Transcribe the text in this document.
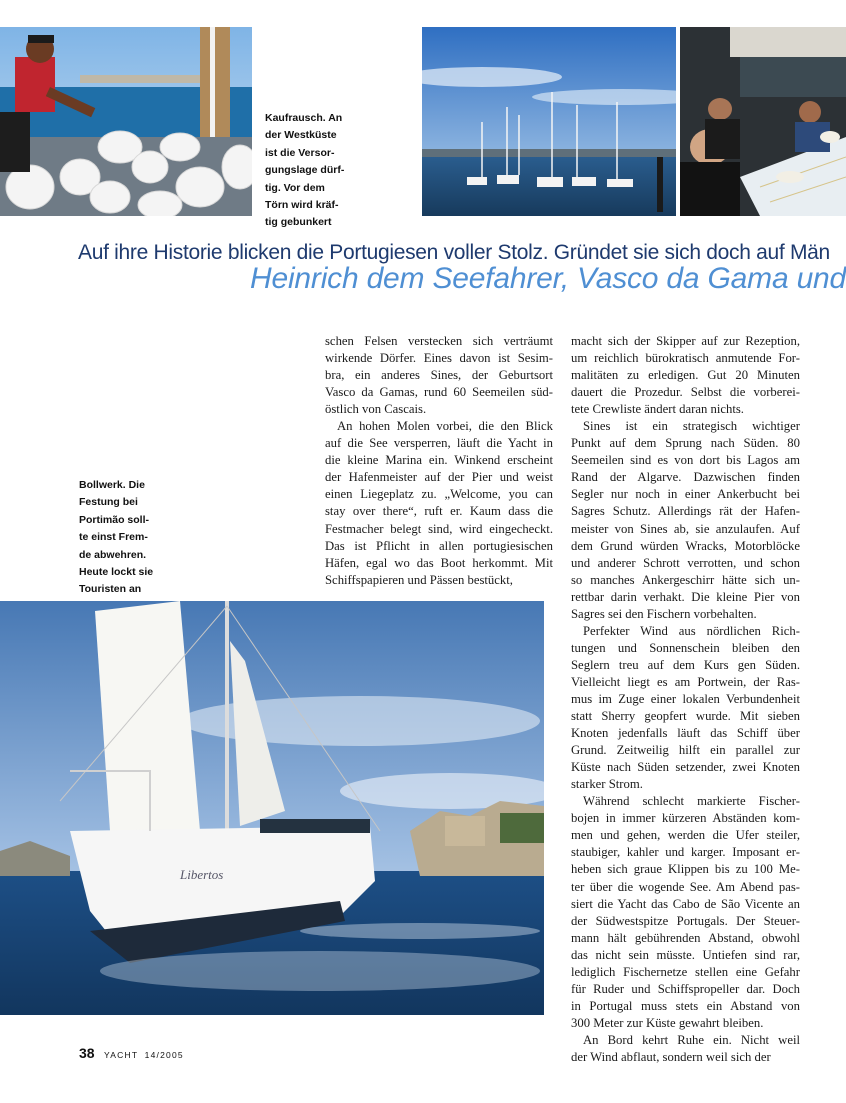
Libertos
Kaufrausch. An
der Westküste
ist die Versor-
gungslage dürf-
tig. Vor dem
Törn wird kräf-
tig gebunkert
Bollwerk. Die
Festung bei
Portimão soll-
te einst Frem-
de abwehren.
Heute lockt sie
Touristen an
Auf ihre Historie blicken die Portugiesen voller Stolz. Gründet sie sich doch auf Män
Heinrich dem Seefahrer, Vasco da Gama und
schen Felsen verstecken sich verträumt
wirkende Dörfer. Eines davon ist Sesim-
bra, ein anderes Sines, der Geburtsort
Vasco da Gamas, rund 60 Seemeilen süd-
östlich von Cascais.
An hohen Molen vorbei, die den Blick
auf die See versperren, läuft die Yacht in
die kleine Marina ein. Winkend erscheint
der Hafenmeister auf der Pier und weist
einen Liegeplatz zu. „Welcome, you can
stay over there“, ruft er. Kaum dass die
Festmacher belegt sind, wird eingecheckt.
Das ist Pflicht in allen portugiesischen
Häfen, egal wo das Boot herkommt. Mit
Schiffspapieren und Pässen bestückt,
macht sich der Skipper auf zur Rezeption,
um reichlich bürokratisch anmutende For-
malitäten zu erledigen. Gut 20 Minuten
dauert die Prozedur. Selbst die vorberei-
tete Crewliste ändert daran nichts.
Sines ist ein strategisch wichtiger
Punkt auf dem Sprung nach Süden. 80
Seemeilen sind es von dort bis Lagos am
Rand der Algarve. Dazwischen finden
Segler nur noch in einer Ankerbucht bei
Sagres Schutz. Allerdings rät der Hafen-
meister von Sines ab, sie anzulaufen. Auf
dem Grund würden Wracks, Motorblöcke
und anderer Schrott verrotten, und schon
so manches Ankergeschirr hätte sich un-
rettbar darin verhakt. Die kleine Pier von
Sagres sei den Fischern vorbehalten.
Perfekter Wind aus nördlichen Rich-
tungen und Sonnenschein bleiben den
Seglern treu auf dem Kurs gen Süden.
Vielleicht liegt es am Portwein, der Ras-
mus im Zuge einer lokalen Verbundenheit
statt Sherry geopfert wurde. Mit sieben
Knoten jedenfalls läuft das Schiff über
Grund. Zeitweilig hilft ein parallel zur
Küste nach Süden setzender, zwei Knoten
starker Strom.
Während schlecht markierte Fischer-
bojen in immer kürzeren Abständen kom-
men und gehen, werden die Ufer steiler,
staubiger, kahler und karger. Imposant er-
heben sich graue Klippen bis zu 100 Me-
ter über die wogende See. Am Abend pas-
siert die Yacht das Cabo de São Vicente an
der Südwestspitze Portugals. Der Steuer-
mann hält gebührenden Abstand, obwohl
das nicht sein müsste. Untiefen sind rar,
lediglich Fischernetze stellen eine Gefahr
für Ruder und Schiffspropeller dar. Doch
in Portugal muss stets ein Abstand von
300 Meter zur Küste gewahrt bleiben.
An Bord kehrt Ruhe ein. Nicht weil
der Wind abflaut, sondern weil sich der
38 YACHT 14/2005
